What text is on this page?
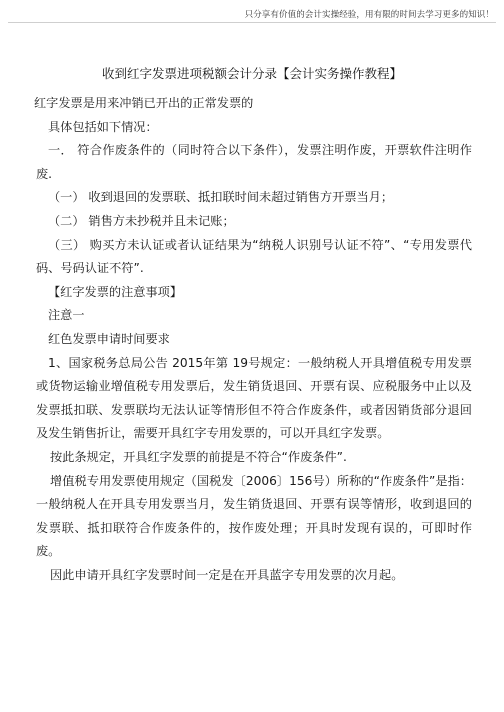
只分享有价值的会计实操经验，用有限的时间去学习更多的知识！
收到红字发票进项税额会计分录【会计实务操作教程】

红字发票是用来冲销已开出的正常发票的

具体包括如下情况：

一． 符合作废条件的（同时符合以下条件），发票注明作废，开票软件注明作废.

（一） 收到退回的发票联、抵扣联时间未超过销售方开票当月；

（二） 销售方未抄税并且未记账；

（三） 购买方未认证或者认证结果为“纳税人识别号认证不符”、“专用发票代码、号码认证不符”.

【红字发票的注意事项】

注意一

红色发票申请时间要求

1、国家税务总局公告 2015年第 19号规定：一般纳税人开具增值税专用发票或货物运输业增值税专用发票后，发生销货退回、开票有误、应税服务中止以及发票抵扣联、发票联均无法认证等情形但不符合作废条件，或者因销货部分退回及发生销售折让，需要开具红字专用发票的，可以开具红字发票。

按此条规定，开具红字发票的前提是不符合“作废条件”.

增值税专用发票使用规定（国税发〔2006〕156号）所称的“作废条件”是指： 一般纳税人在开具专用发票当月，发生销货退回、开票有误等情形，收到退回的发票联、抵扣联符合作废条件的，按作废处理；开具时发现有误的，可即时作废。

因此申请开具红字发票时间一定是在开具蓝字专用发票的次月起。
